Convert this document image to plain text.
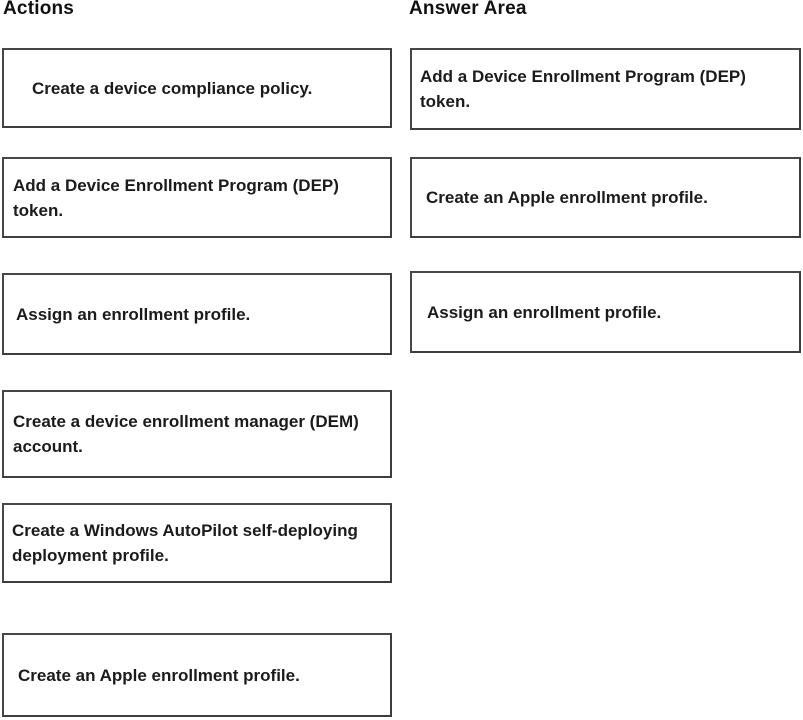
Actions	Answer Area
Create a device compliance policy.
Add a Device Enrollment Program (DEP) token.
Assign an enrollment profile.
Create a device enrollment manager (DEM) account.
Create a Windows AutoPilot self-deploying deployment profile.
Create an Apple enrollment profile.
Add a Device Enrollment Program (DEP) token.
Create an Apple enrollment profile.
Assign an enrollment profile.
